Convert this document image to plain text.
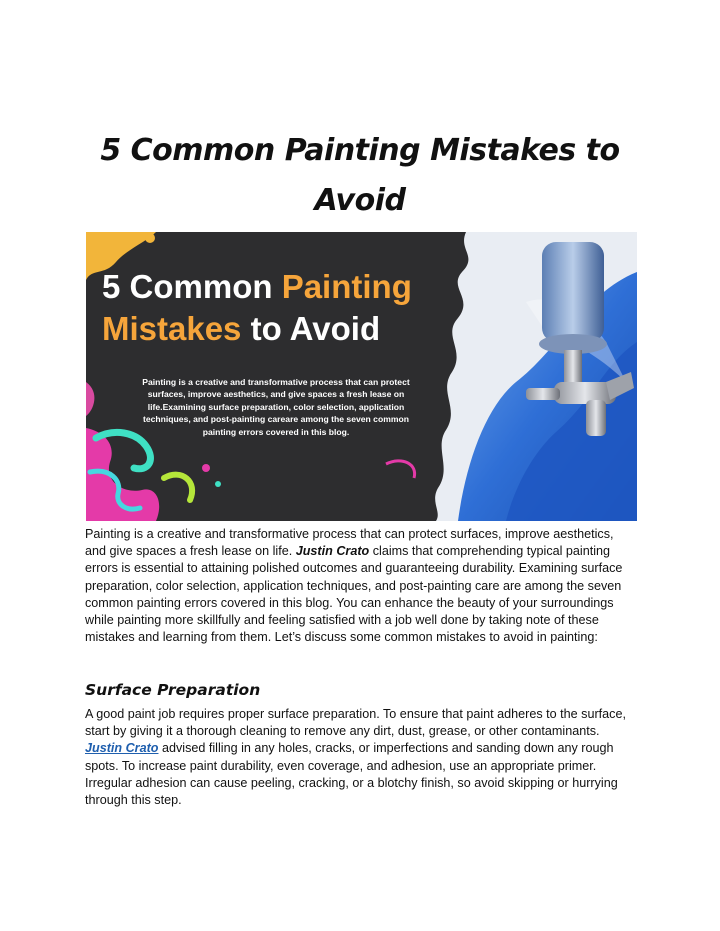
5 Common Painting Mistakes to Avoid
5 Common Painting
Mistakes to Avoid
Painting is a creative and transformative process that can protect surfaces, improve aesthetics, and give spaces a fresh lease on life.Examining surface preparation, color selection, application techniques, and post-painting careare among the seven common painting errors covered in this blog.

Painting is a creative and transformative process that can protect surfaces, improve aesthetics, and give spaces a fresh lease on life. Justin Crato claims that comprehending typical painting errors is essential to attaining polished outcomes and guaranteeing durability. Examining surface preparation, color selection, application techniques, and post-painting care are among the seven common painting errors covered in this blog. You can enhance the beauty of your surroundings while painting more skillfully and feeling satisfied with a job well done by taking note of these mistakes and learning from them. Let’s discuss some common mistakes to avoid in painting:

Surface Preparation

A good paint job requires proper surface preparation. To ensure that paint adheres to the surface, start by giving it a thorough cleaning to remove any dirt, dust, grease, or other contaminants. Justin Crato advised filling in any holes, cracks, or imperfections and sanding down any rough spots. To increase paint durability, even coverage, and adhesion, use an appropriate primer. Irregular adhesion can cause peeling, cracking, or a blotchy finish, so avoid skipping or hurrying through this step.
